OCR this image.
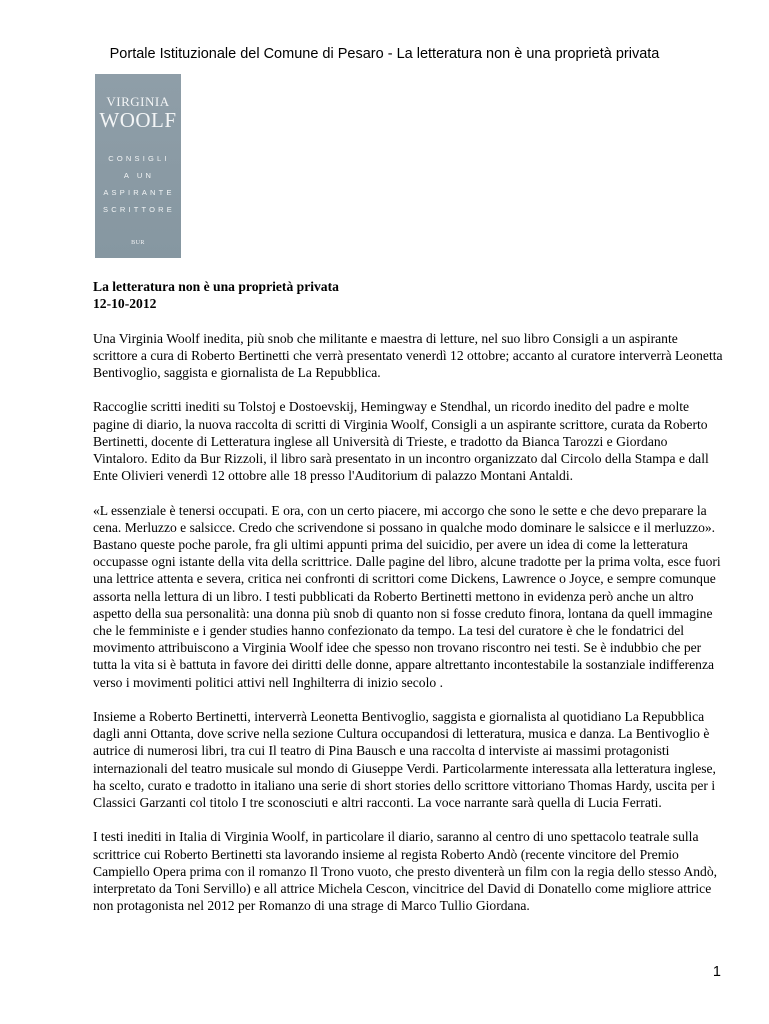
Portale Istituzionale del Comune di Pesaro - La letteratura non è una proprietà privata
VIRGINIA
WOOLF
CONSIGLI
A UN
ASPIRANTE
SCRITTORE
BUR
La letteratura non è una proprietà privata
12-10-2012

Una Virginia Woolf inedita, più snob che militante e maestra di letture, nel suo libro Consigli a un aspirante scrittore a cura di Roberto Bertinetti che verrà presentato venerdì 12 ottobre; accanto al curatore interverrà Leonetta Bentivoglio, saggista e giornalista de La Repubblica.

Raccoglie scritti inediti su Tolstoj e Dostoevskij, Hemingway e Stendhal, un ricordo inedito del padre e molte pagine di diario, la nuova raccolta di scritti di Virginia Woolf, Consigli a un aspirante scrittore, curata da Roberto Bertinetti, docente di Letteratura inglese all Università di Trieste, e tradotto da Bianca Tarozzi e Giordano Vintaloro. Edito da Bur Rizzoli, il libro sarà presentato in un incontro organizzato dal Circolo della Stampa e dall Ente Olivieri venerdì 12 ottobre alle 18 presso l'Auditorium di palazzo Montani Antaldi.

«L essenziale è tenersi occupati. E ora, con un certo piacere, mi accorgo che sono le sette e che devo preparare la cena. Merluzzo e salsicce. Credo che scrivendone si possano in qualche modo dominare le salsicce e il merluzzo». Bastano queste poche parole, fra gli ultimi appunti prima del suicidio, per avere un idea di come la letteratura occupasse ogni istante della vita della scrittrice. Dalle pagine del libro, alcune tradotte per la prima volta, esce fuori una lettrice attenta e severa, critica nei confronti di scrittori come Dickens, Lawrence o Joyce, e sempre comunque assorta nella lettura di un libro. I testi pubblicati da Roberto Bertinetti mettono in evidenza però anche un altro aspetto della sua personalità: una donna più snob di quanto non si fosse creduto finora, lontana da quell immagine che le femministe e i gender studies hanno confezionato da tempo. La tesi del curatore è che le fondatrici del movimento attribuiscono a Virginia Woolf idee che spesso non trovano riscontro nei testi. Se è indubbio che per tutta la vita si è battuta in favore dei diritti delle donne, appare altrettanto incontestabile la sostanziale indifferenza verso i movimenti politici attivi nell Inghilterra di inizio secolo .

Insieme a Roberto Bertinetti, interverrà Leonetta Bentivoglio, saggista e giornalista al quotidiano La Repubblica dagli anni Ottanta, dove scrive nella sezione Cultura occupandosi di letteratura, musica e danza. La Bentivoglio è autrice di numerosi libri, tra cui Il teatro di Pina Bausch e una raccolta d interviste ai massimi protagonisti internazionali del teatro musicale sul mondo di Giuseppe Verdi. Particolarmente interessata alla letteratura inglese, ha scelto, curato e tradotto in italiano una serie di short stories dello scrittore vittoriano Thomas Hardy, uscita per i Classici Garzanti col titolo I tre sconosciuti e altri racconti. La voce narrante sarà quella di Lucia Ferrati.

I testi inediti in Italia di Virginia Woolf, in particolare il diario, saranno al centro di uno spettacolo teatrale sulla scrittrice cui Roberto Bertinetti sta lavorando insieme al regista Roberto Andò (recente vincitore del Premio Campiello Opera prima con il romanzo Il Trono vuoto, che presto diventerà un film con la regia dello stesso Andò, interpretato da Toni Servillo) e all attrice Michela Cescon, vincitrice del David di Donatello come migliore attrice non protagonista nel 2012 per Romanzo di una strage di Marco Tullio Giordana.

1
